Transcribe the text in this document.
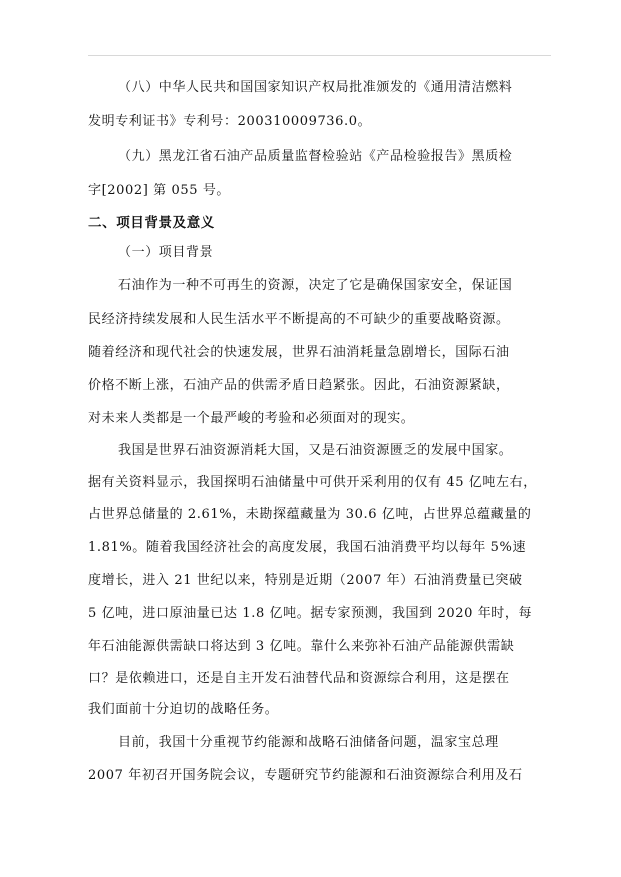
（八）中华人民共和国国家知识产权局批准颁发的《通用清洁燃料
发明专利证书》专利号：200310009736.0。
（九）黑龙江省石油产品质量监督检验站《产品检验报告》黑质检
字[2002] 第 055 号。
二、项目背景及意义
（一）项目背景
石油作为一种不可再生的资源，决定了它是确保国家安全，保证国
民经济持续发展和人民生活水平不断提高的不可缺少的重要战略资源。
随着经济和现代社会的快速发展，世界石油消耗量急剧增长，国际石油
价格不断上涨，石油产品的供需矛盾日趋紧张。因此，石油资源紧缺，
对未来人类都是一个最严峻的考验和必须面对的现实。
我国是世界石油资源消耗大国，又是石油资源匮乏的发展中国家。
据有关资料显示，我国探明石油储量中可供开采利用的仅有 45 亿吨左右，
占世界总储量的 2.61%，未勘探蕴藏量为 30.6 亿吨，占世界总蕴藏量的
1.81%。随着我国经济社会的高度发展，我国石油消费平均以每年 5%速
度增长，进入 21 世纪以来，特别是近期（2007 年）石油消费量已突破
5 亿吨，进口原油量已达 1.8 亿吨。据专家预测，我国到 2020 年时，每
年石油能源供需缺口将达到 3 亿吨。靠什么来弥补石油产品能源供需缺
口？是依赖进口，还是自主开发石油替代品和资源综合利用，这是摆在
我们面前十分迫切的战略任务。
目前，我国十分重视节约能源和战略石油储备问题，温家宝总理
2007 年初召开国务院会议，专题研究节约能源和石油资源综合利用及石
